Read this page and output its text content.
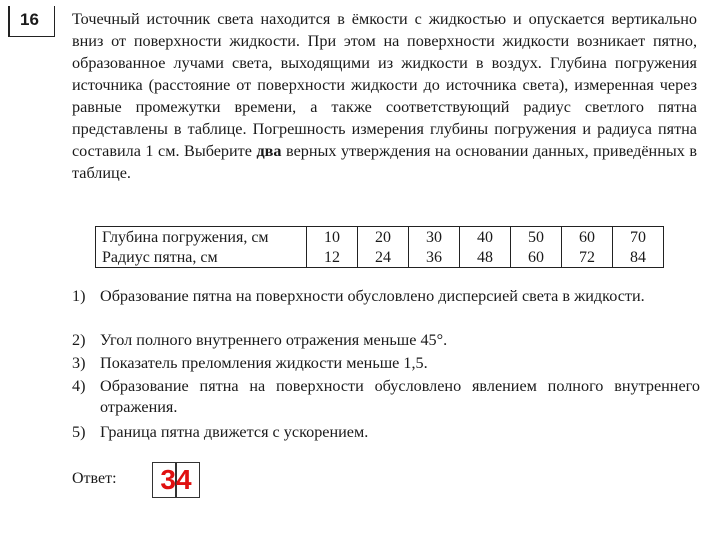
16 Точечный источник света находится в ёмкости с жидкостью и опускается вертикально вниз от поверхности жидкости. При этом на поверхности жидкости возникает пятно, образованное лучами света, выходящими из жидкости в воздух. Глубина погружения источника (расстояние от поверхности жидкости до источника света), измеренная через равные промежутки времени, а также соответствующий радиус светлого пятна представлены в таблице. Погрешность измерения глубины погружения и радиуса пятна составила 1 см. Выберите два верных утверждения на основании данных, приведённых в таблице.
Глубина погружения, см	10	20	30	40	50	60	70
Радиус пятна, см	12	24	36	48	60	72	84
1) Образование пятна на поверхности обусловлено дисперсией света в жидкости.
2) Угол полного внутреннего отражения меньше 45°.
3) Показатель преломления жидкости меньше 1,5.
4) Образование пятна на поверхности обусловлено явлением полного внутреннего отражения.
5) Граница пятна движется с ускорением.
Ответ:	34
